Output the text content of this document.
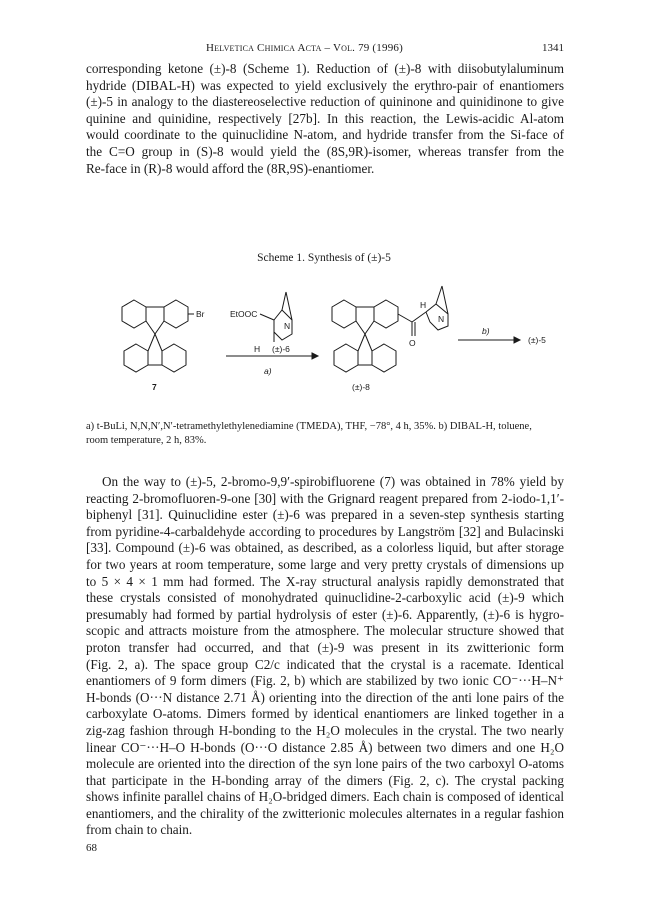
Helvetica Chimica Acta – Vol. 79 (1996)	1341
corresponding ketone (±)-8 (Scheme 1). Reduction of (±)-8 with diisobutylaluminum
hydride (DIBAL-H) was expected to yield exclusively the erythro-pair of enantiomers
(±)-5 in analogy to the diastereoselective reduction of quininone and quinidinone to give
quinine and quinidine, respectively [27b]. In this reaction, the Lewis-acidic Al-atom
would coordinate to the quinuclidine N-atom, and hydride transfer from the Si-face of
the C=O group in (S)-8 would yield the (8S,9R)-isomer, whereas transfer from the
Re-face in (R)-8 would afford the (8R,9S)-enantiomer.
Scheme 1. Synthesis of (±)-5
Br	EtOOC
N
H (±)-6
a)
H
N
O
b)
(±)-5
7	(±)-8
a) t-BuLi, N,N,N′,N′-tetramethylethylenediamine (TMEDA), THF, −78°, 4 h, 35%. b) DIBAL-H, toluene,
room temperature, 2 h, 83%.
On the way to (±)-5, 2-bromo-9,9′-spirobifluorene (7) was obtained in 78% yield by
reacting 2-bromofluoren-9-one [30] with the Grignard reagent prepared from 2-iodo-1,1′-
biphenyl [31]. Quinuclidine ester (±)-6 was prepared in a seven-step synthesis starting
from pyridine-4-carbaldehyde according to procedures by Langström [32] and Bulacinski
[33]. Compound (±)-6 was obtained, as described, as a colorless liquid, but after storage
for two years at room temperature, some large and very pretty crystals of dimensions up
to 5 × 4 × 1 mm had formed. The X-ray structural analysis rapidly demonstrated that
these crystals consisted of monohydrated quinuclidine-2-carboxylic acid (±)-9 which
presumably had formed by partial hydrolysis of ester (±)-6. Apparently, (±)-6 is hygro-
scopic and attracts moisture from the atmosphere. The molecular structure showed that
proton transfer had occurred, and that (±)-9 was present in its zwitterionic form
(Fig. 2, a). The space group C2/c indicated that the crystal is a racemate. Identical
enantiomers of 9 form dimers (Fig. 2, b) which are stabilized by two ionic CO⁻···H–N⁺
H-bonds (O···N distance 2.71 Å) orienting into the direction of the anti lone pairs of the
carboxylate O-atoms. Dimers formed by identical enantiomers are linked together in a
zig-zag fashion through H-bonding to the H₂O molecules in the crystal. The two nearly
linear CO⁻···H–O H-bonds (O···O distance 2.85 Å) between two dimers and one H₂O
molecule are oriented into the direction of the syn lone pairs of the two carboxyl O-atoms
that participate in the H-bonding array of the dimers (Fig. 2, c). The crystal packing
shows infinite parallel chains of H₂O-bridged dimers. Each chain is composed of identical
enantiomers, and the chirality of the zwitterionic molecules alternates in a regular fashion
from chain to chain.
68
